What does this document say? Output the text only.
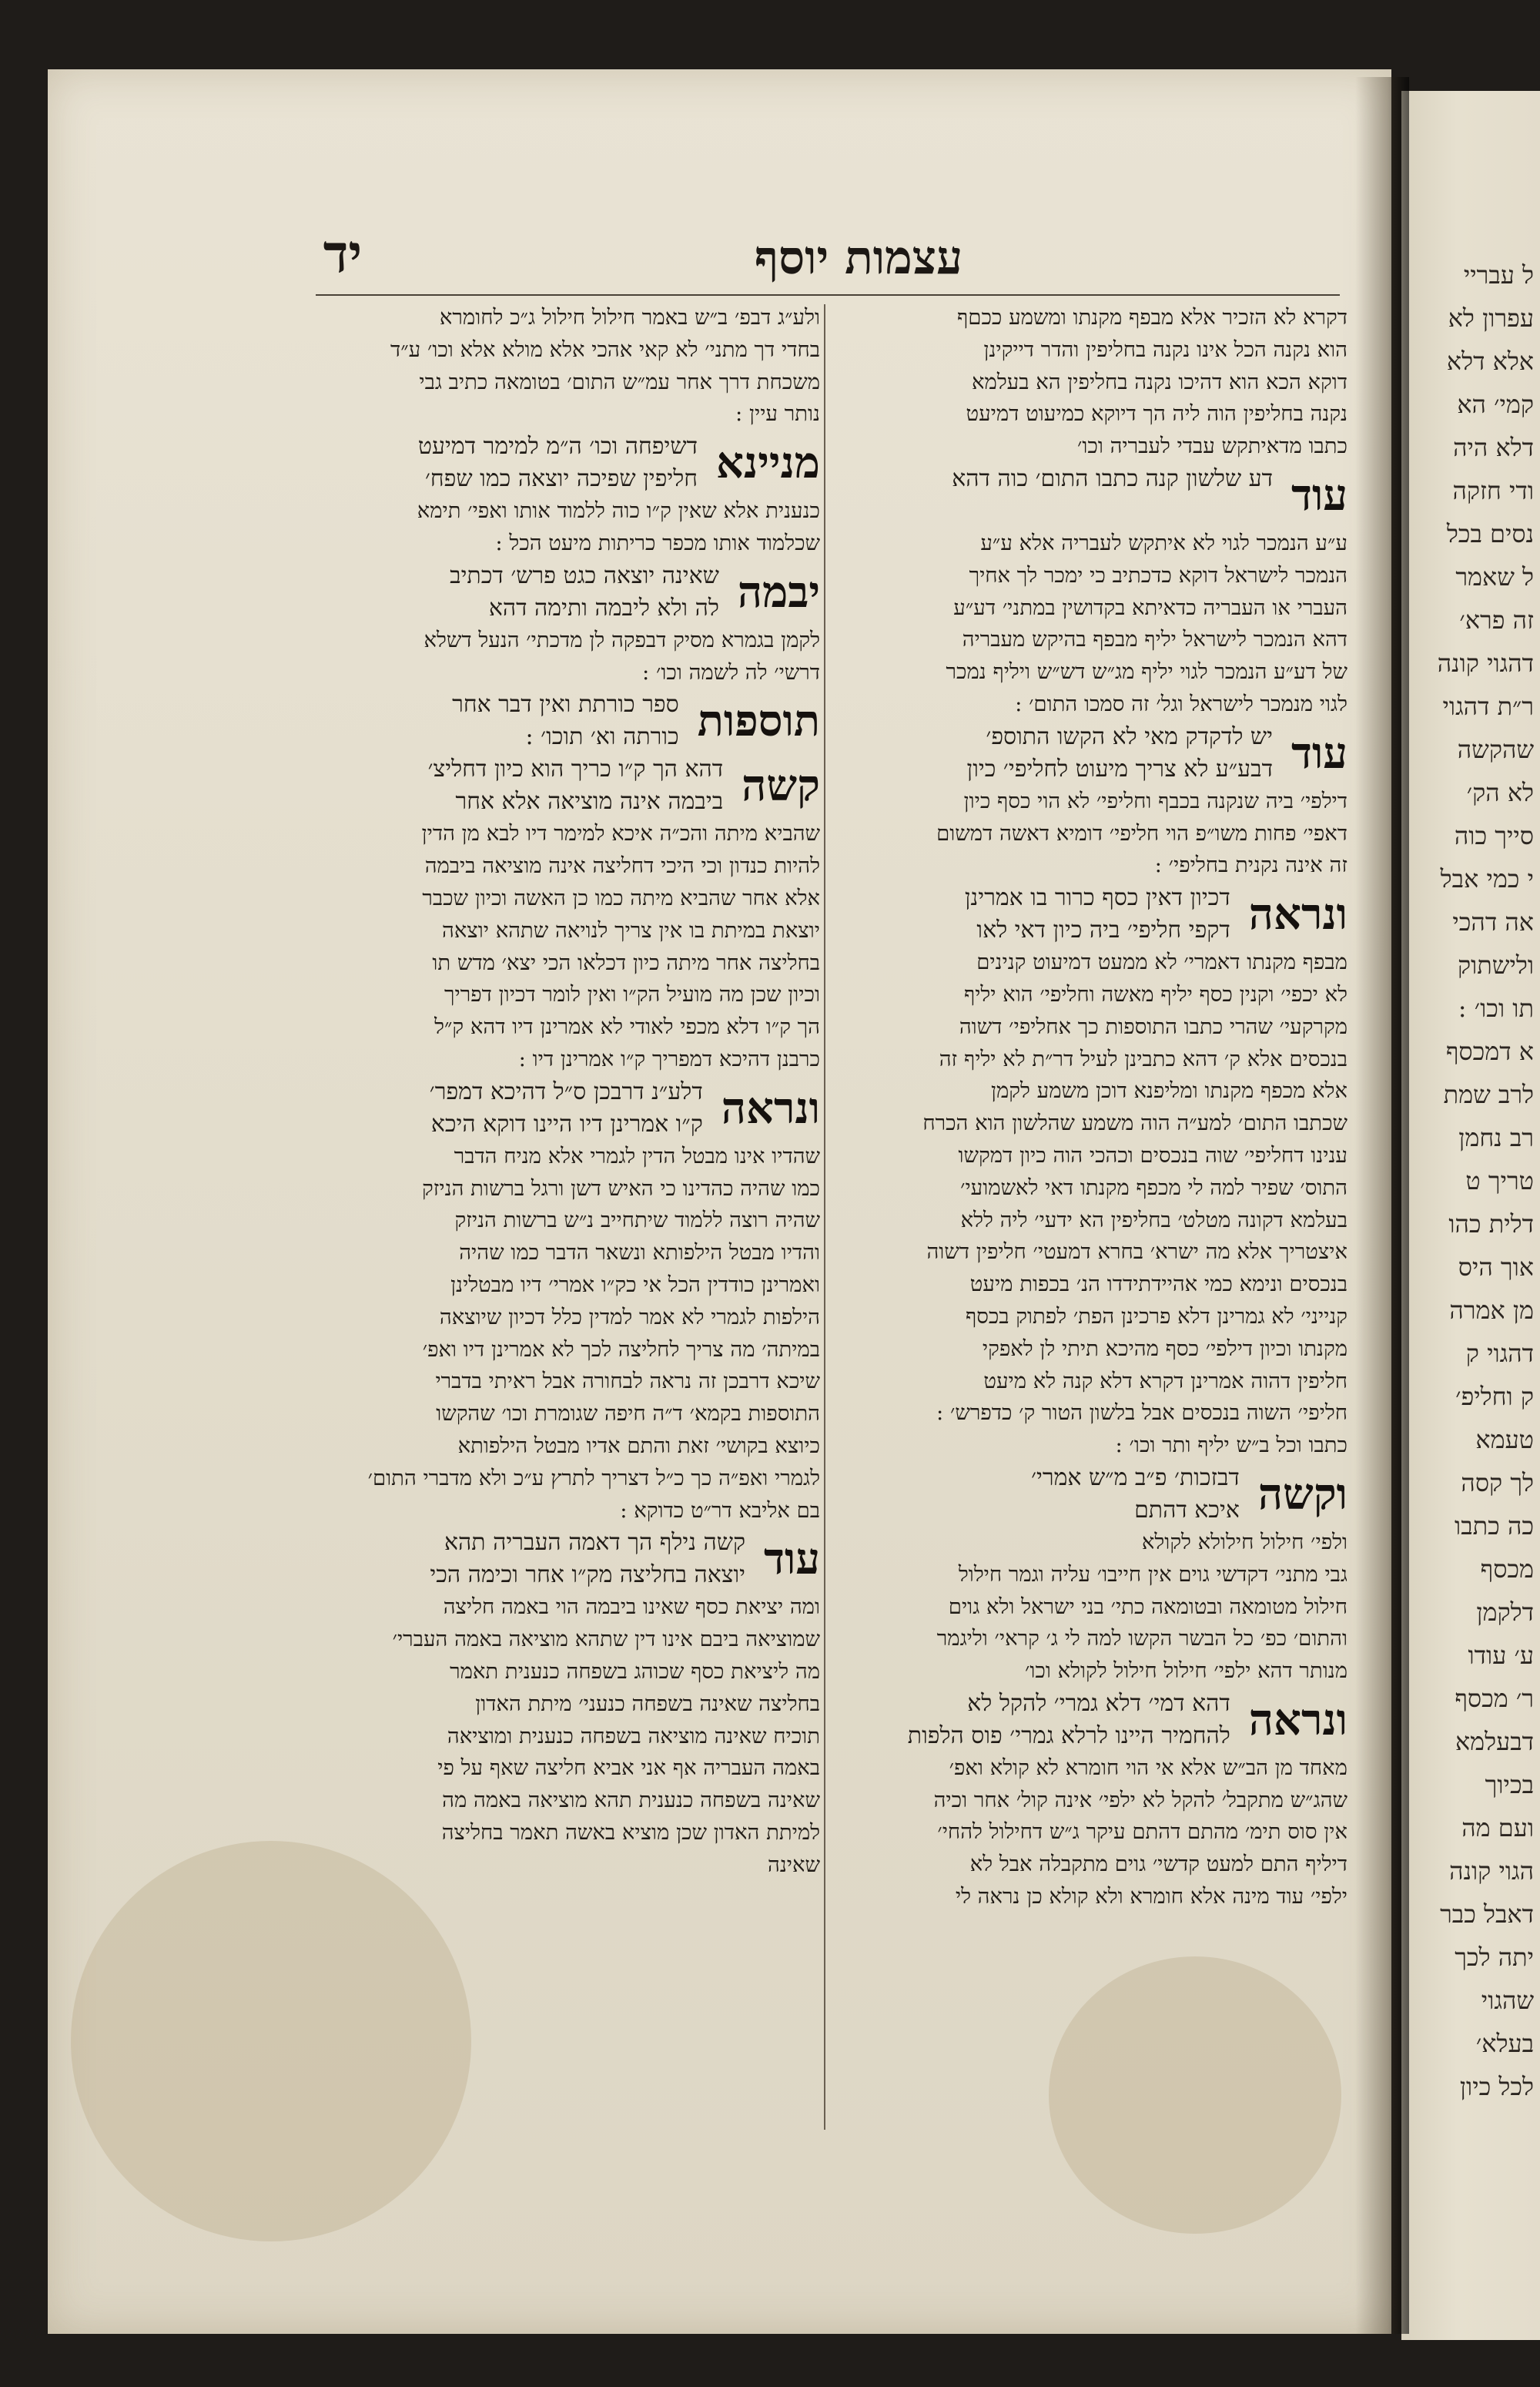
ל עבריי
עפרון לא
אלא דלא
קמי׳ הא
דלא היה
ודי חזקה
נסים בכל
ל שאמר
זה פרא׳
דהגוי קונה
ר״ת דהגוי
שהקשה
לא הק׳
סייך כוה
י כמי אבל
אה דהכי
ולישתוק
תו וכו׳ :
א דמכסף
לרב שמת
רב נחמן
טריך ט
דלית כהו
אוך היס
מן אמרה
דהגוי ק
ק וחליפ׳
טעמא
לך קסה
כה כתבו
מכסף
דלקמן
ע׳ עודו
ר׳ מכסף
דבעלמא
בכיוך
ועם מה
הגוי קונה
דאבל כבר
יתה לכך
שהגוי
בעלא׳
לכל כיון
עצמות יוסף
יד
דקרא לא הזכיר אלא מבפף מקנתו ומשמע ככםף
הוא נקנה הכל אינו נקנה בחליפין והדר דייקינן
דוקא הכא הוא דהיכו נקנה בחליפין הא בעלמא
נקנה בחליפין הוה ליה הך דיוקא כמיעוט דמיעט
כתבו מדאיתקש עבדי לעבריה וכו׳
עוד
דע שלשון קנה כתבו התום׳ כוה דהא
ע״ע הנמכר לגוי לא איתקש לעבריה אלא ע״ע
הנמכר לישראל דוקא כדכתיב כי ימכר לך אחיך
העברי או העבריה כדאיתא בקדושין במתני׳ דע״ע
דהא הנמכר לישראל יליף מבפף בהיקש מעבריה
של דע״ע הנמכר לגוי יליף מג״ש דש״ש ויליף נמכר
לגוי מנמכר לישראל וגל׳ זה סמכו התום׳ :
עוד
יש לדקדק מאי לא הקשו התוספ׳
דבע״ע לא צריך מיעוט לחליפי׳ כיון
דילפי׳ ביה שנקנה בכבף וחליפי׳ לא הוי כסף כיון
דאפי׳ פחות משו״פ הוי חליפי׳ דומיא דאשה דמשום
זה אינה נקנית בחליפי׳ :
ונראה
דכיון דאין כסף כרור בו אמרינן
דקפי חליפי׳ ביה כיון דאי לאו
מבפף מקנתו דאמרי׳ לא ממעט דמיעוט קנינים
לא יכפי׳ וקנין כסף יליף מאשה וחליפי׳ הוא יליף
מקרקעי׳ שהרי כתבו התוספות כך אחליפי׳ דשוה
בנכסים אלא ק׳ דהא כתבינן לעיל דר״ת לא יליף זה
אלא מכפף מקנתו ומליפנא דוכן משמע לקמן
שכתבו התום׳ למע״ה הוה משמע שהלשון הוא הכרח
ענינו דחליפי׳ שוה בנכסים וכהכי הוה כיון דמקשו
התוס׳ שפיר למה לי מכפף מקנתו דאי לאשמועי׳
בעלמא דקונה מטלט׳ בחליפין הא ידעי׳ ליה ללא
איצטריך אלא מה ישרא׳ בחרא דמעטי׳ חליפין דשוה
בנכסים ונימא כמי אהיידתידדו הנ׳ בכפות מיעט
קנייני׳ לא גמרינן דלא פרכינן הפת׳ לפתוק בכסף
מקנתו וכיון דילפי׳ כסף מהיכא תיתי לן לאפקי
חליפין דהוה אמרינן דקרא דלא קנה לא מיעט
חליפי׳ השוה בנכסים אבל בלשון הטור ק׳ כדפרש׳ :
כתבו וכל ב״ש יליף ותר וכו׳ :
וקשה
דבזכות׳ פ״ב מ״ש אמרי׳
איכא דהתם
ולפי׳ חילול חילולא לקולא
גבי מתני׳ דקדשי גוים אין חייבו׳ עליה וגמר חילול
חילול מטומאה ובטומאה כתי׳ בני ישראל ולא גוים
והתום׳ כפ׳ כל הבשר הקשו למה לי ג׳ קראי׳ וליגמר
מנותר דהא ילפי׳ חילול חילול לקולא וכו׳
ונראה
דהא דמי׳ דלא גמרי׳ להקל לא
להחמיר היינו לרלא גמרי׳ פוס הלפות
מאחד מן הב״ש אלא אי הוי חומרא לא קולא ואפ׳
שהג״ש מתקבל׳ להקל לא ילפי׳ אינה קול׳ אחר וכיה
אין סוס תימ׳ מהתם דהתם עיקר ג״ש דחילול להחי׳
דיליף התם למעט קדשי׳ גוים מתקבלה אבל לא
ילפי׳ עוד מינה אלא חומרא ולא קולא כן נראה לי
ולע״ג דבפ׳ ב״ש באמר חילול חילול ג״כ לחומרא
בחדי דך מתני׳ לא קאי אהכי אלא מולא אלא וכו׳ ע״ד
משכחת דרך אחר עמ״ש התום׳ בטומאה כתיב גבי
נותר עיין :
מניינא
דשיפחה וכו׳ ה״מ למימר דמיעט
חליפין שפיכה יוצאה כמו שפח׳
כנענית אלא שאין ק״ו כוה ללמוד אותו ואפי׳ תימא
שכלמוד אותו מכפר כריתות מיעט הכל :
יבמה
שאינה יוצאה כגט פרש׳ דכתיב
לה ולא ליבמה ותימה דהא
לקמן בגמרא מסיק דבפקה לן מדכתי׳ הנעל דשלא
דרשי׳ לה לשמה וכו׳ :
תוספות
ספר כורתת ואין דבר אחר
כורתה וא׳ תוכו׳ :
קשה
דהא הך ק״ו כריך הוא כיון דחליצ׳
ביבמה אינה מוציאה אלא אחר
שהביא מיתה והכ״ה איכא למימר דיו לבא מן הדין
להיות כנדון וכי היכי דחליצה אינה מוציאה ביבמה
אלא אחר שהביא מיתה כמו כן האשה וכיון שכבר
יוצאת במיתת בו אין צריך לנויאה שתהא יוצאה
בחליצה אחר מיתה כיון דכלאו הכי יצא׳ מדש תו
וכיון שכן מה מועיל הק״ו ואין לומר דכיון דפריך
הך ק״ו דלא מכפי לאודי לא אמרינן דיו דהא ק״ל
כרבנן דהיכא דמפריך ק״ו אמרינן דיו :
ונראה
דלע״נ דרבכן ס״ל דהיכא דמפר׳
ק״ו אמרינן דיו היינו דוקא היכא
שהדיו אינו מבטל הדין לגמרי אלא מניח הדבר
כמו שהיה כהדינו כי האיש דשן ורגל ברשות הניזק
שהיה רוצה ללמוד שיתחייב נ״ש ברשות הניזק
והדיו מבטל הילפותא ונשאר הדבר כמו שהיה
ואמרינן כודדין הכל אי כק״ו אמרי׳ דיו מבטלינן
הילפות לגמרי לא אמר למדין כלל דכיון שיוצאה
במיתה׳ מה צריך לחליצה לכך לא אמרינן דיו ואפ׳
שיכא דרבכן זה נראה לבחורה אבל ראיתי בדברי
התוספות בקמא׳ ד״ה חיפה שגומרת וכו׳ שהקשו
כיוצא בקושי׳ זאת והתם אדיו מבטל הילפותא
לגמרי ואפ״ה כך כ״ל דצריך לתרץ ע״כ ולא מדברי התום׳
בם אליבא דר״ט כדוקא :
עוד
קשה נילף הך דאמה העבריה תהא
יוצאה בחליצה מק״ו אחר וכימה הכי
ומה יציאת כסף שאינו ביבמה הוי באמה חליצה
שמוציאה ביבם אינו דין שתהא מוציאה באמה העברי׳
מה ליציאת כסף שכוהג בשפחה כנענית תאמר
בחליצה שאינה בשפחה כנעני׳ מיתת האדון
תוכיח שאינה מוציאה בשפחה כנענית ומוציאה
באמה העבריה אף אני אביא חליצה שאף על פי
שאינה בשפחה כנענית תהא מוציאה באמה מה
למיתת האדון שכן מוציא באשה תאמר בחליצה
שאינה
